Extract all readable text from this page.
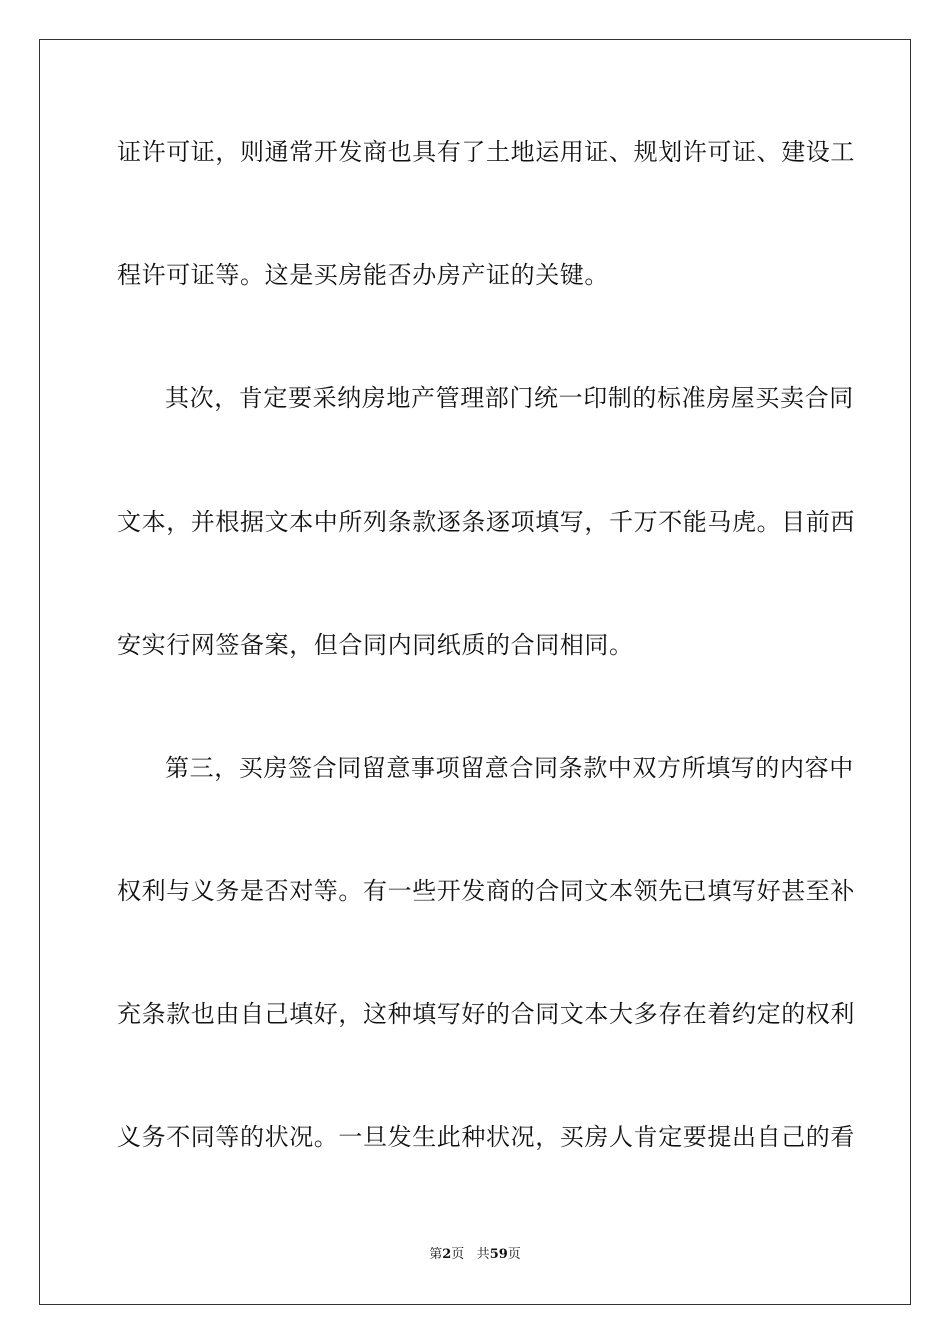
证许可证，则通常开发商也具有了土地运用证、规划许可证、建设工
程许可证等。这是买房能否办房产证的关键。
其次，肯定要采纳房地产管理部门统一印制的标准房屋买卖合同
文本，并根据文本中所列条款逐条逐项填写，千万不能马虎。目前西
安实行网签备案，但合同内同纸质的合同相同。
第三，买房签合同留意事项留意合同条款中双方所填写的内容中
权利与义务是否对等。有一些开发商的合同文本领先已填写好甚至补
充条款也由自己填好，这种填写好的合同文本大多存在着约定的权利
义务不同等的状况。一旦发生此种状况，买房人肯定要提出自己的看
第2页 共59页
